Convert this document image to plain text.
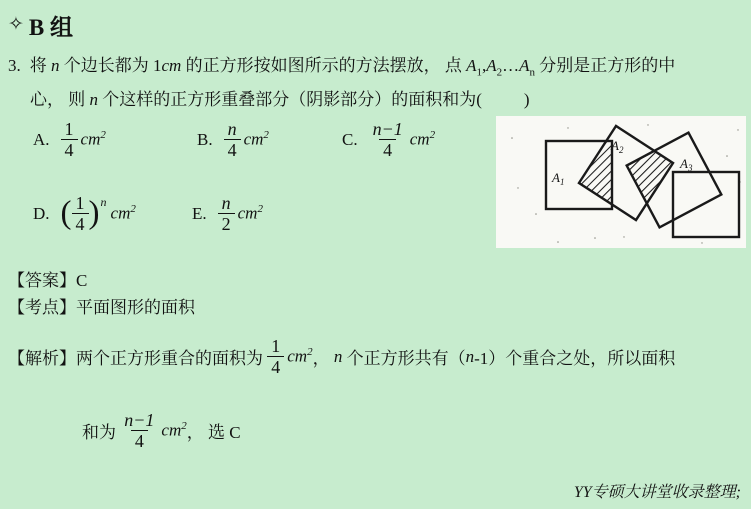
✧ B 组
3. 将 n 个边长都为 1cm 的正方形按如图所示的方法摆放， 点 $A_1,A_2\dots A_n$ 分别是正方形的中
心， 则 n 个这样的正方形重叠部分（阴影部分）的面积和为( )
A. $\frac{1}{4} cm^2$	B. $\frac{n}{4} cm^2$	C. $\frac{n-1}{4} cm^2$
D. ( $\frac{1}{4}$ ) n
$cm^2$	E. $\frac{n}{2} cm^2$
$A_1$
$A_2$
$A_3$
【答案】C
【考点】平面图形的面积
【解析】两个正方形重合的面积为 $\frac{1}{4} cm^2$ ， n 个正方形共有（ n -1）个重合之处，所以面积
和为 $\frac{n-1}{4} cm^2$ ， 选 C
YY专硕大讲堂收录整理;
